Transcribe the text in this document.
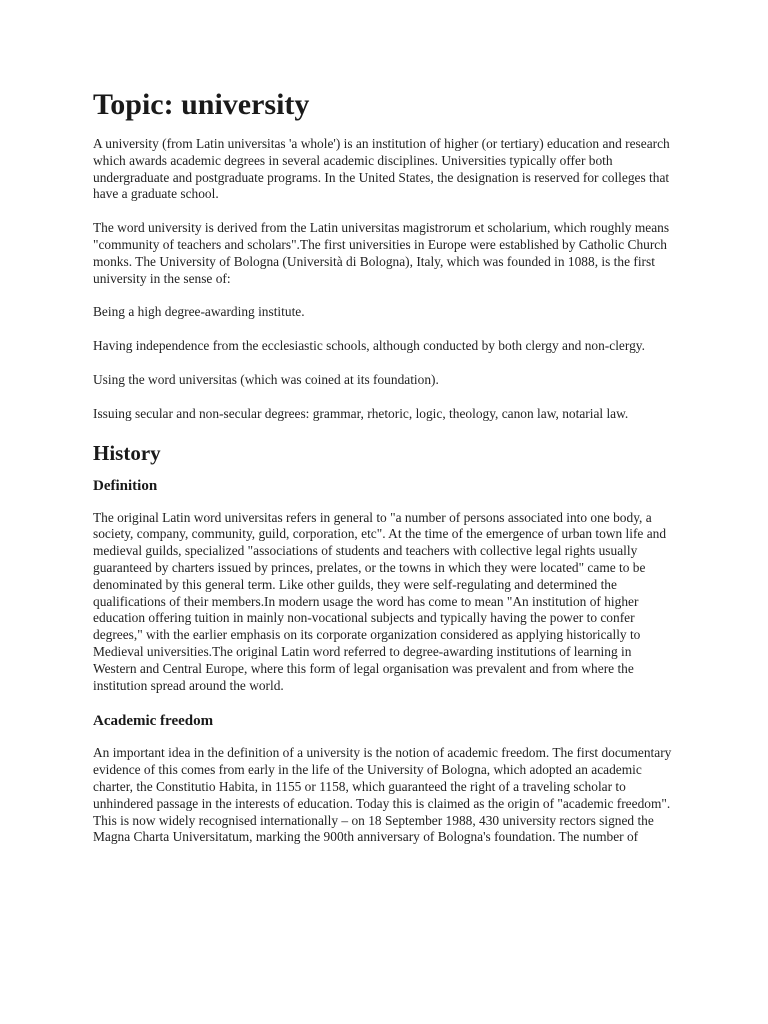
Topic: university

A university (from Latin universitas 'a whole') is an institution of higher (or tertiary) education and research which awards academic degrees in several academic disciplines. Universities typically offer both undergraduate and postgraduate programs. In the United States, the designation is reserved for colleges that have a graduate school.

The word university is derived from the Latin universitas magistrorum et scholarium, which roughly means "community of teachers and scholars".The first universities in Europe were established by Catholic Church monks. The University of Bologna (Università di Bologna), Italy, which was founded in 1088, is the first university in the sense of:

Being a high degree-awarding institute.

Having independence from the ecclesiastic schools, although conducted by both clergy and non-clergy.

Using the word universitas (which was coined at its foundation).

Issuing secular and non-secular degrees: grammar, rhetoric, logic, theology, canon law, notarial law.

History
Definition

The original Latin word universitas refers in general to "a number of persons associated into one body, a society, company, community, guild, corporation, etc". At the time of the emergence of urban town life and medieval guilds, specialized "associations of students and teachers with collective legal rights usually guaranteed by charters issued by princes, prelates, or the towns in which they were located" came to be denominated by this general term. Like other guilds, they were self-regulating and determined the qualifications of their members.In modern usage the word has come to mean "An institution of higher education offering tuition in mainly non-vocational subjects and typically having the power to confer degrees," with the earlier emphasis on its corporate organization considered as applying historically to Medieval universities.The original Latin word referred to degree-awarding institutions of learning in Western and Central Europe, where this form of legal organisation was prevalent and from where the institution spread around the world.

Academic freedom

An important idea in the definition of a university is the notion of academic freedom. The first documentary evidence of this comes from early in the life of the University of Bologna, which adopted an academic charter, the Constitutio Habita, in 1155 or 1158, which guaranteed the right of a traveling scholar to unhindered passage in the interests of education. Today this is claimed as the origin of "academic freedom". This is now widely recognised internationally – on 18 September 1988, 430 university rectors signed the Magna Charta Universitatum, marking the 900th anniversary of Bologna's foundation. The number of
